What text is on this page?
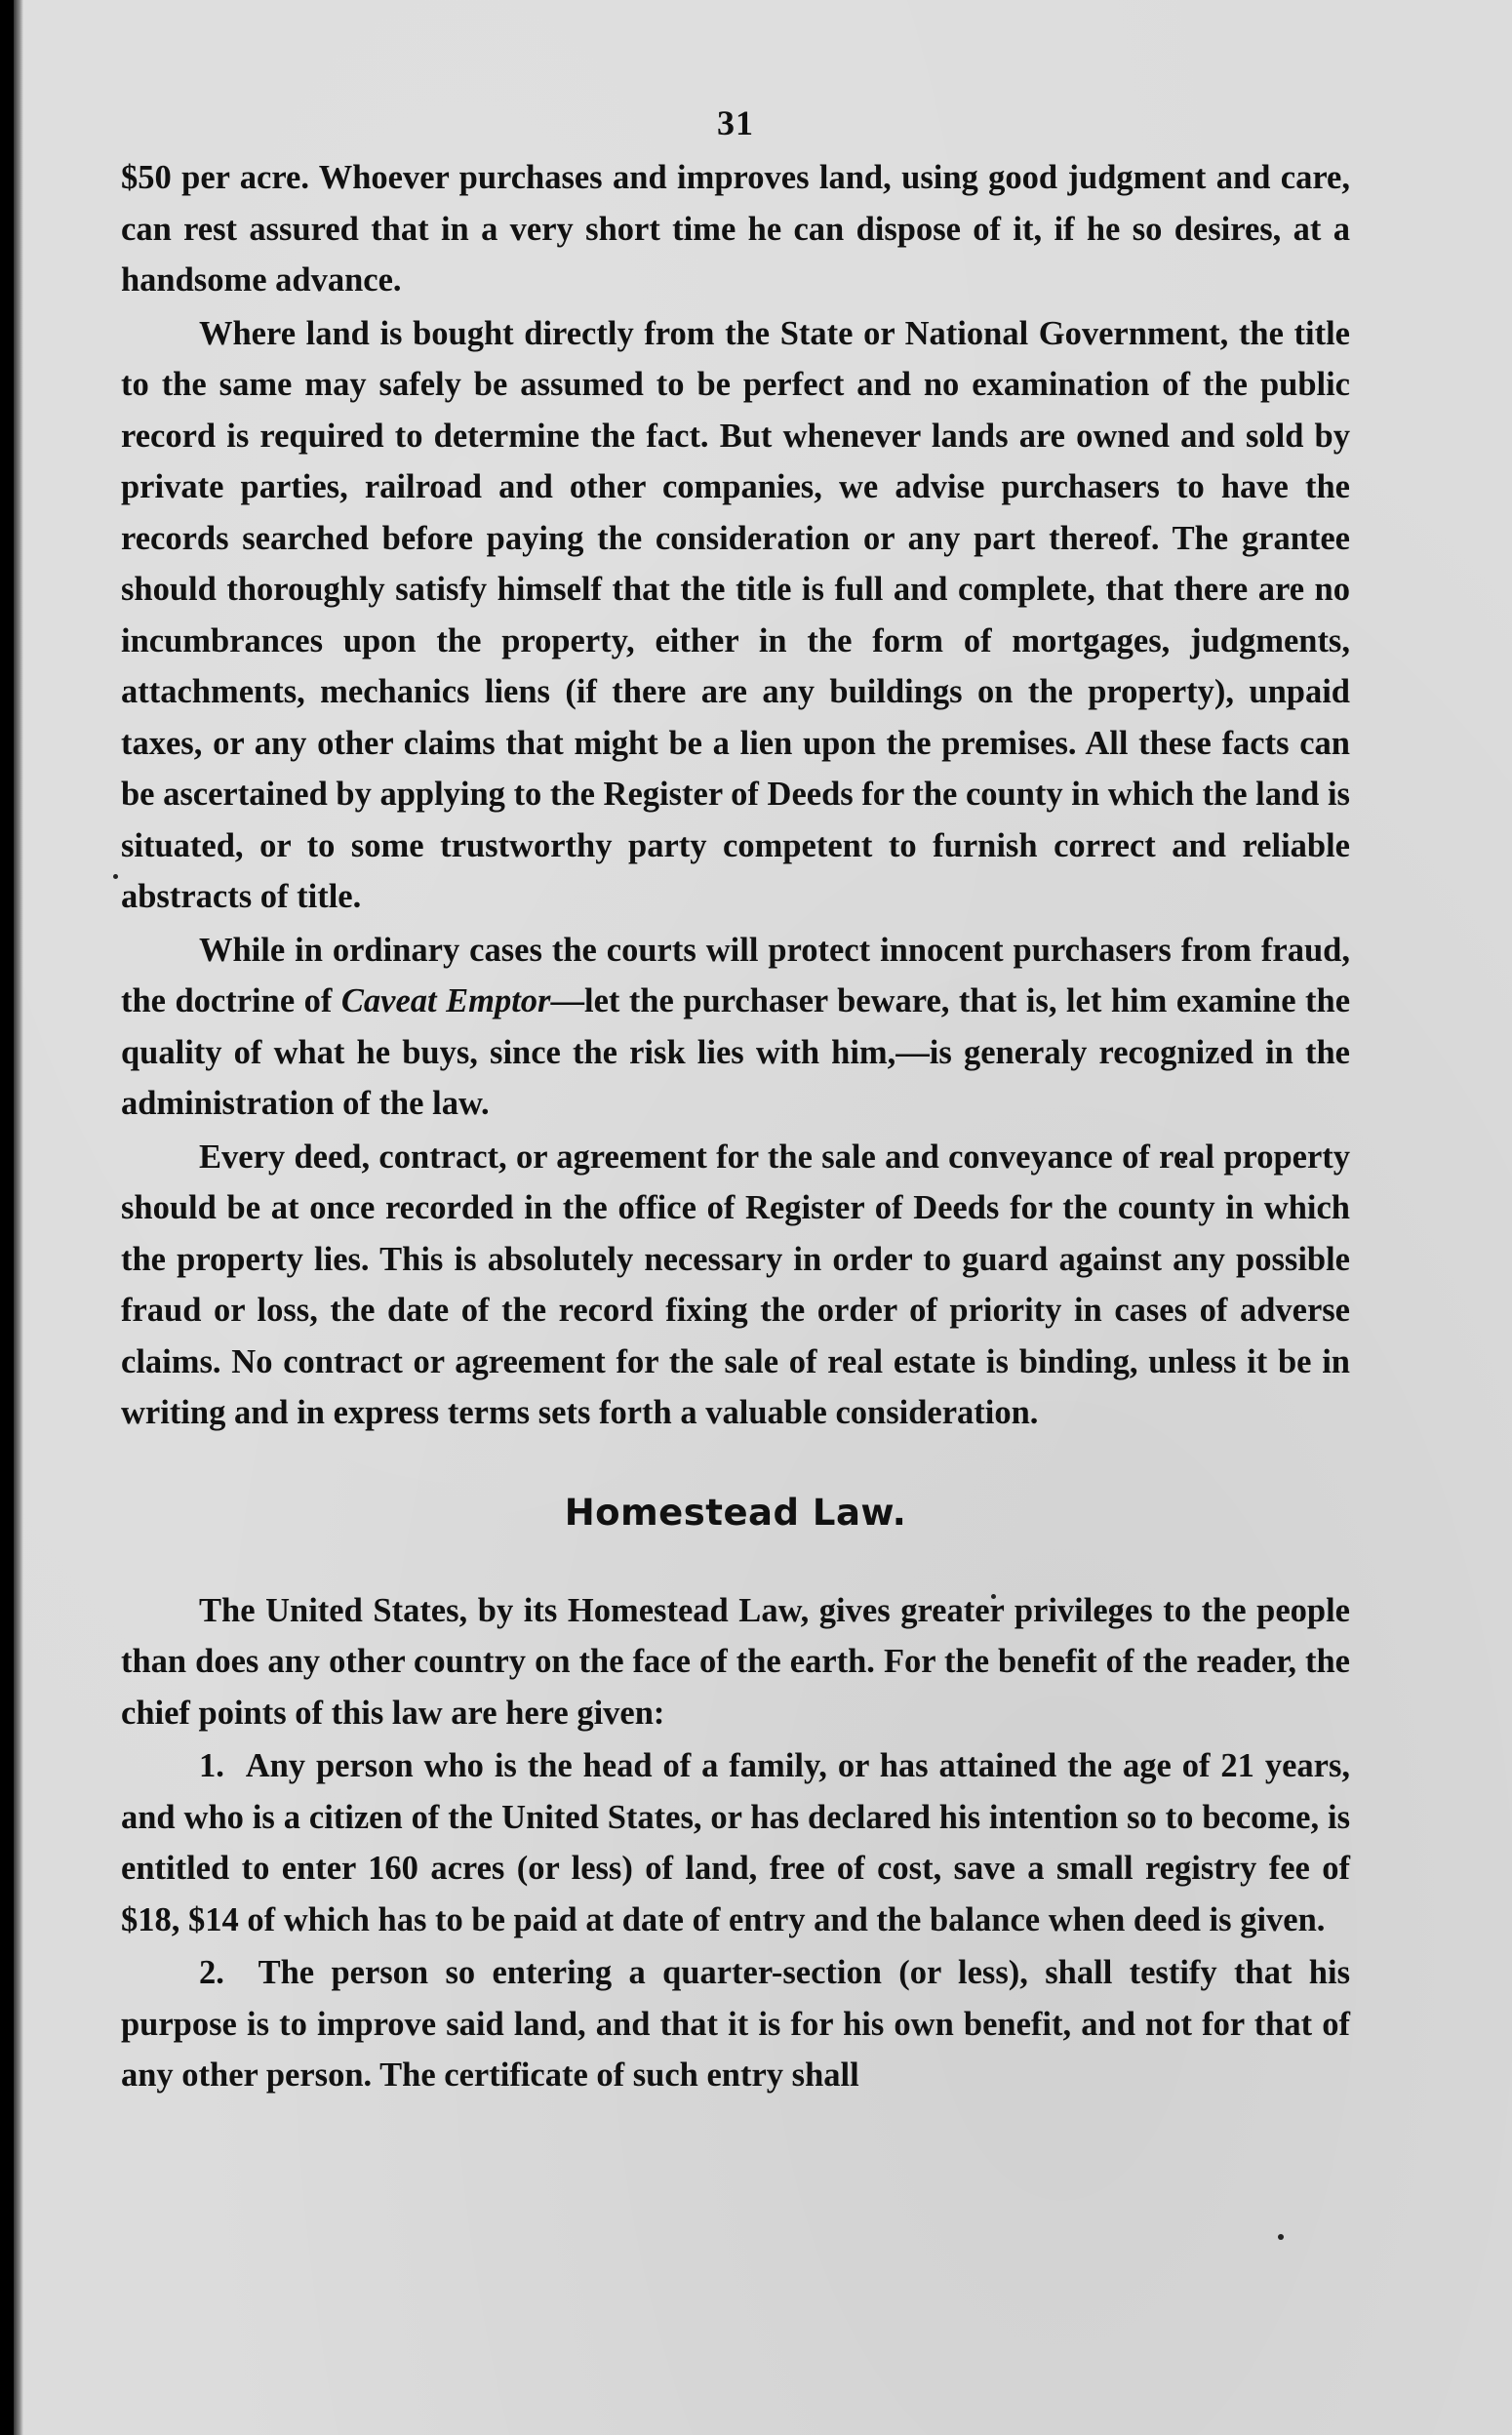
31

$50 per acre. Whoever purchases and improves land, using good judgment and care, can rest assured that in a very short time he can dispose of it, if he so desires, at a handsome advance.

Where land is bought directly from the State or National Government, the title to the same may safely be assumed to be perfect and no examination of the public record is required to determine the fact. But whenever lands are owned and sold by private parties, railroad and other companies, we advise purchasers to have the records searched before paying the consideration or any part thereof. The grantee should thoroughly satisfy himself that the title is full and complete, that there are no incumbrances upon the property, either in the form of mortgages, judgments, attachments, mechanics liens (if there are any buildings on the property), unpaid taxes, or any other claims that might be a lien upon the premises. All these facts can be ascertained by applying to the Register of Deeds for the county in which the land is situated, or to some trustworthy party competent to furnish correct and reliable abstracts of title.

While in ordinary cases the courts will protect innocent purchasers from fraud, the doctrine of Caveat Emptor—let the purchaser beware, that is, let him examine the quality of what he buys, since the risk lies with him,—is generaly recognized in the administration of the law.

Every deed, contract, or agreement for the sale and conveyance of real property should be at once recorded in the office of Register of Deeds for the county in which the property lies. This is absolutely necessary in order to guard against any possible fraud or loss, the date of the record fixing the order of priority in cases of adverse claims. No contract or agreement for the sale of real estate is binding, unless it be in writing and in express terms sets forth a valuable consideration.

Homestead Law.

The United States, by its Homestead Law, gives greater privileges to the people than does any other country on the face of the earth. For the benefit of the reader, the chief points of this law are here given:

1. Any person who is the head of a family, or has attained the age of 21 years, and who is a citizen of the United States, or has declared his intention so to become, is entitled to enter 160 acres (or less) of land, free of cost, save a small registry fee of $18, $14 of which has to be paid at date of entry and the balance when deed is given.

2. The person so entering a quarter-section (or less), shall testify that his purpose is to improve said land, and that it is for his own benefit, and not for that of any other person. The certificate of such entry shall
